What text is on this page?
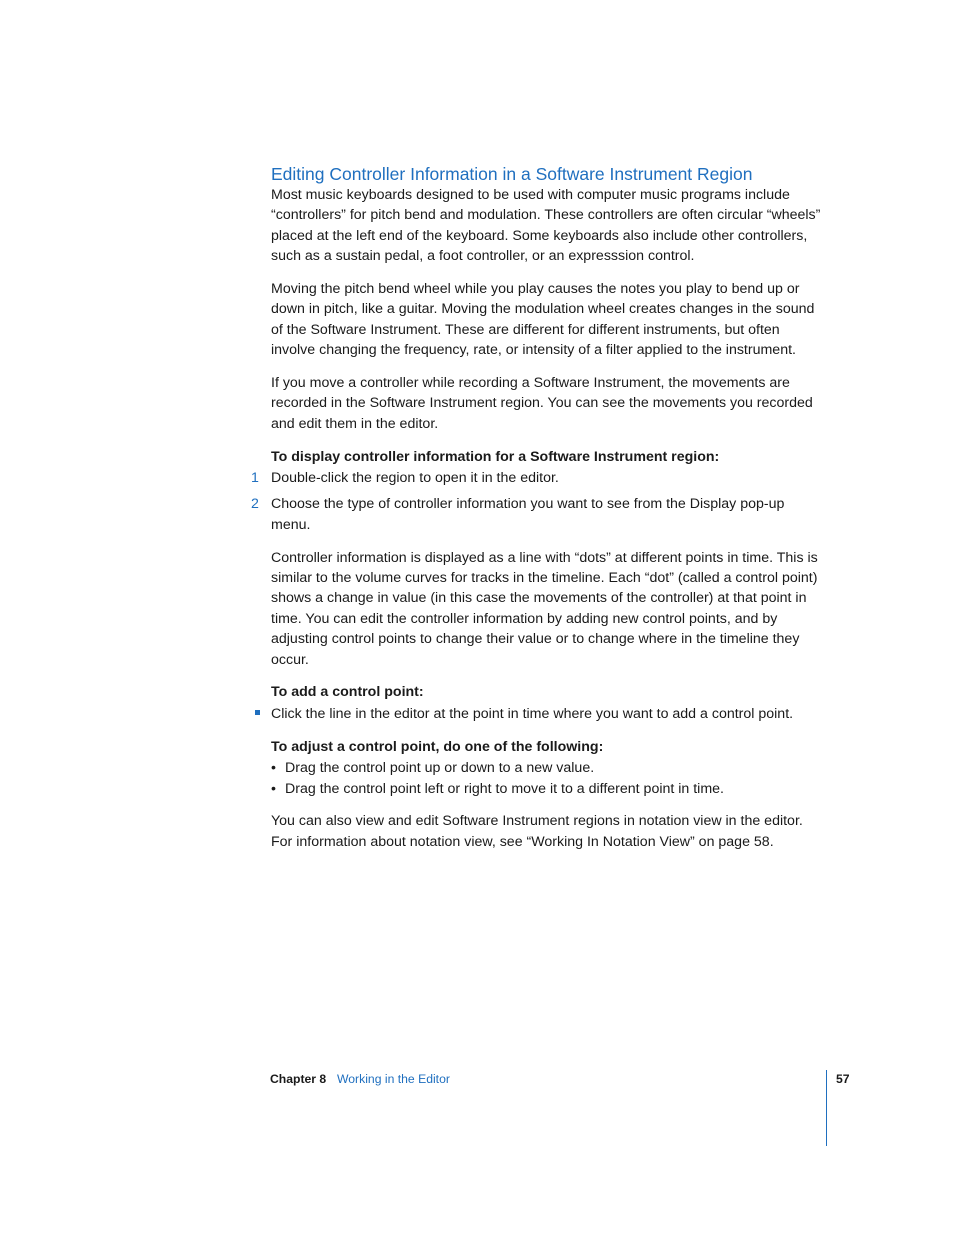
Editing Controller Information in a Software Instrument Region

Most music keyboards designed to be used with computer music programs include “controllers” for pitch bend and modulation. These controllers are often circular “wheels” placed at the left end of the keyboard. Some keyboards also include other controllers, such as a sustain pedal, a foot controller, or an expresssion control.

Moving the pitch bend wheel while you play causes the notes you play to bend up or down in pitch, like a guitar. Moving the modulation wheel creates changes in the sound of the Software Instrument. These are different for different instruments, but often involve changing the frequency, rate, or intensity of a filter applied to the instrument.

If you move a controller while recording a Software Instrument, the movements are recorded in the Software Instrument region. You can see the movements you recorded and edit them in the editor.

To display controller information for a Software Instrument region:

1 Double-click the region to open it in the editor.
2 Choose the type of controller information you want to see from the Display pop-up menu.

Controller information is displayed as a line with “dots” at different points in time. This is similar to the volume curves for tracks in the timeline. Each “dot” (called a control point) shows a change in value (in this case the movements of the controller) at that point in time. You can edit the controller information by adding new control points, and by adjusting control points to change their value or to change where in the timeline they occur.

To add a control point:

Click the line in the editor at the point in time where you want to add a control point.

To adjust a control point, do one of the following:

• Drag the control point up or down to a new value.
• Drag the control point left or right to move it to a different point in time.

You can also view and edit Software Instrument regions in notation view in the editor. For information about notation view, see “Working In Notation View” on page 58.

Chapter 8 Working in the Editor	57
